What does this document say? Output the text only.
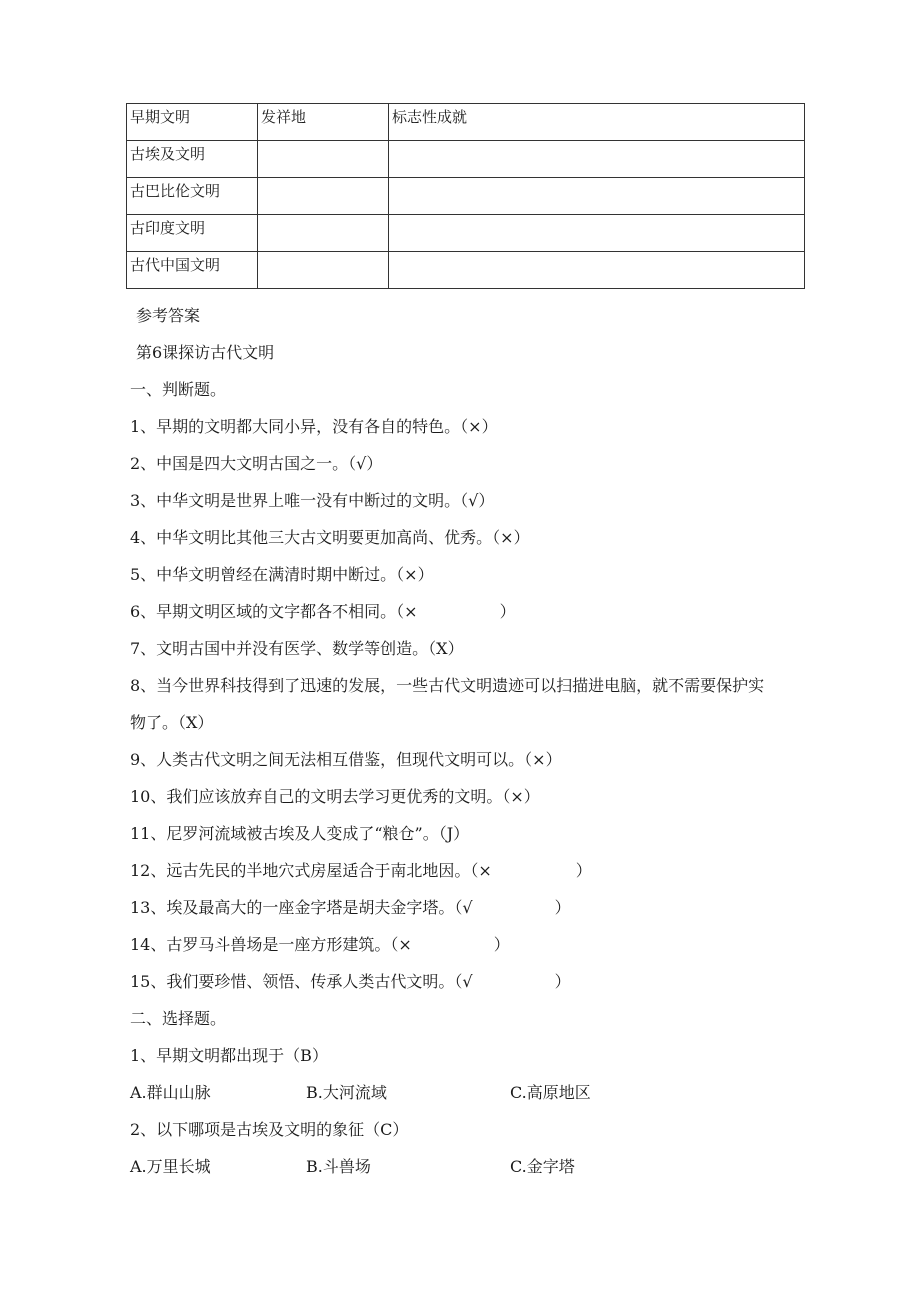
早期文明	发祥地	标志性成就
古埃及文明		
古巴比伦文明		
古印度文明		
古代中国文明		
参考答案
第6课探访古代文明
一、判断题。
1、早期的文明都大同小异，没有各自的特色。（×）
2、中国是四大文明古国之一。（√）
3、中华文明是世界上唯一没有中断过的文明。（√）
4、中华文明比其他三大古文明要更加高尚、优秀。（×）
5、中华文明曾经在满清时期中断过。（×）
6、早期文明区域的文字都各不相同。（×	）
7、文明古国中并没有医学、数学等创造。（X）
8、当今世界科技得到了迅速的发展，一些古代文明遗迹可以扫描进电脑，就不需要保护实
物了。（X）
9、人类古代文明之间无法相互借鉴，但现代文明可以。（×）
10、我们应该放弃自己的文明去学习更优秀的文明。（×）
11、尼罗河流域被古埃及人变成了“粮仓”。（J）
12、远古先民的半地穴式房屋适合于南北地因。（×	）
13、埃及最高大的一座金字塔是胡夫金字塔。（√	）
14、古罗马斗兽场是一座方形建筑。（×	）
15、我们要珍惜、领悟、传承人类古代文明。（√	）
二、选择题。
1、早期文明都出现于（B）
A.群山山脉	B.大河流域	C.高原地区
2、以下哪项是古埃及文明的象征（C）
A.万里长城	B.斗兽场	C.金字塔
